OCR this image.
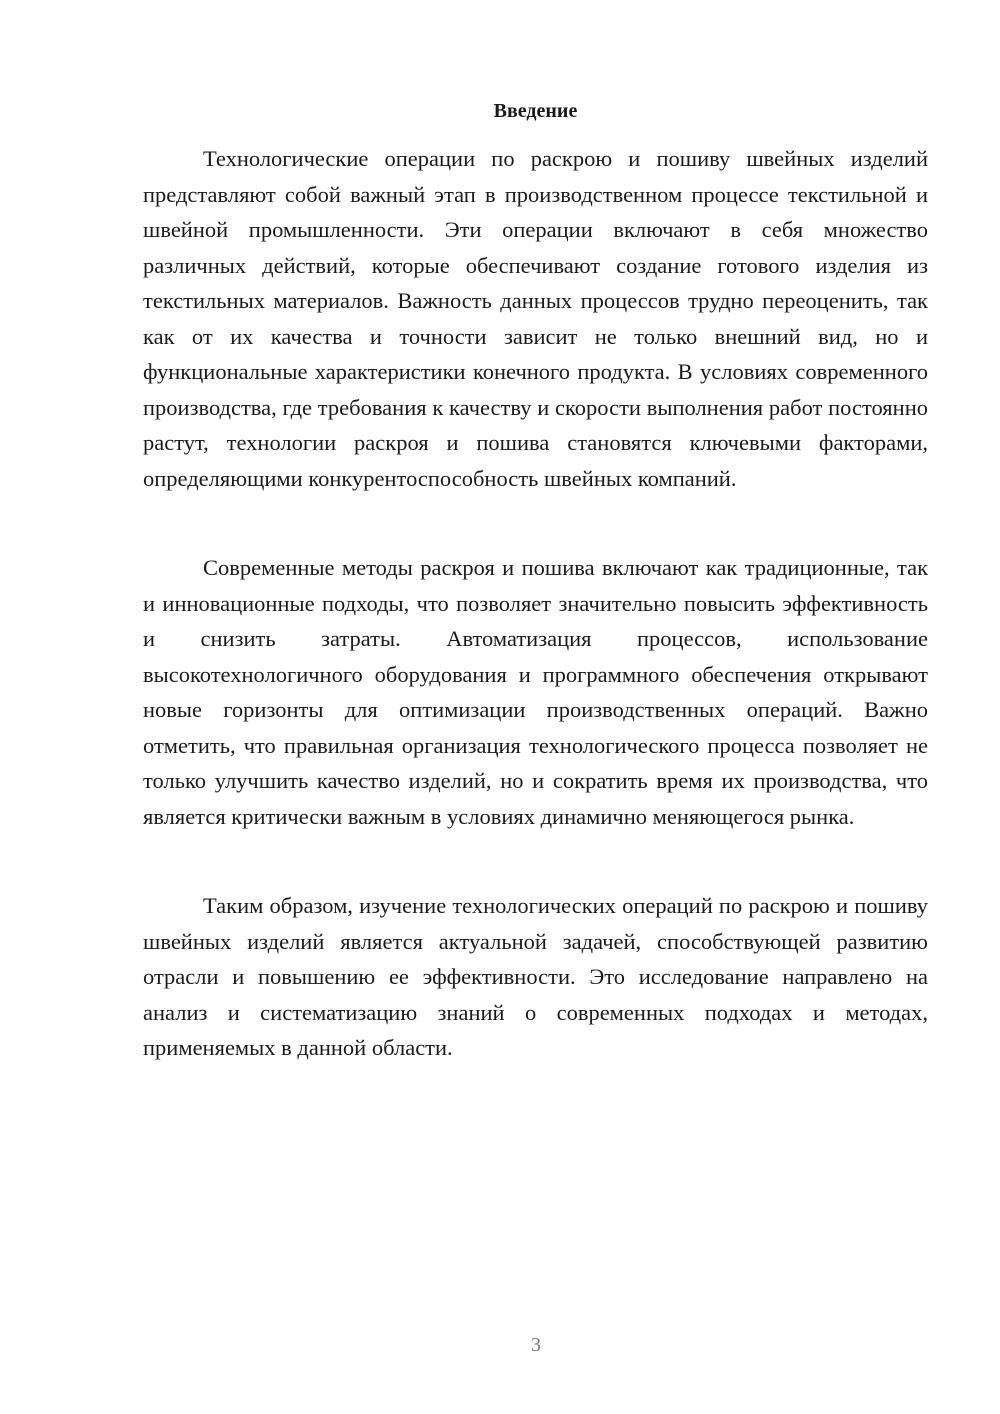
Введение

Технологические операции по раскрою и пошиву швейных изделий представляют собой важный этап в производственном процессе текстильной и швейной промышленности. Эти операции включают в себя множество различных действий, которые обеспечивают создание готового изделия из текстильных материалов. Важность данных процессов трудно переоценить, так как от их качества и точности зависит не только внешний вид, но и функциональные характеристики конечного продукта. В условиях современного производства, где требования к качеству и скорости выполнения работ постоянно растут, технологии раскроя и пошива становятся ключевыми факторами, определяющими конкурентоспособность швейных компаний.

Современные методы раскроя и пошива включают как традиционные, так и инновационные подходы, что позволяет значительно повысить эффективность и снизить затраты. Автоматизация процессов, использование высокотехнологичного оборудования и программного обеспечения открывают новые горизонты для оптимизации производственных операций. Важно отметить, что правильная организация технологического процесса позволяет не только улучшить качество изделий, но и сократить время их производства, что является критически важным в условиях динамично меняющегося рынка.

Таким образом, изучение технологических операций по раскрою и пошиву швейных изделий является актуальной задачей, способствующей развитию отрасли и повышению ее эффективности. Это исследование направлено на анализ и систематизацию знаний о современных подходах и методах, применяемых в данной области.

3
